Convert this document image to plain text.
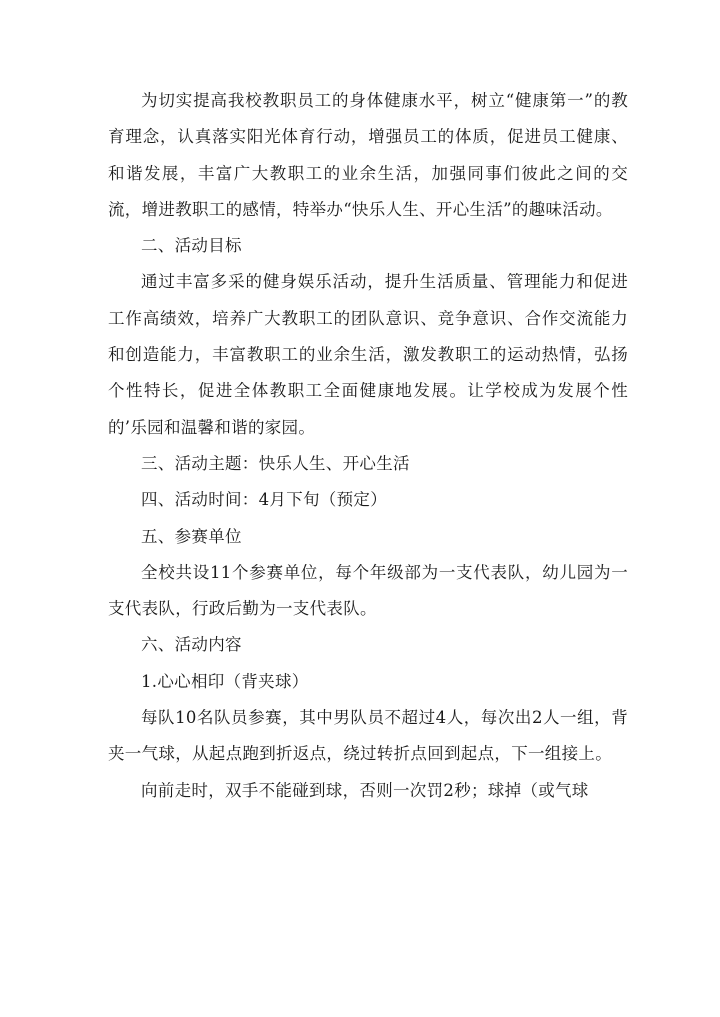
为切实提高我校教职员工的身体健康水平，树立“健康第一”的教育理念，认真落实阳光体育行动，增强员工的体质，促进员工健康、和谐发展，丰富广大教职工的业余生活，加强同事们彼此之间的交流，增进教职工的感情，特举办“快乐人生、开心生活”的趣味活动。

二、活动目标

通过丰富多采的健身娱乐活动，提升生活质量、管理能力和促进工作高绩效，培养广大教职工的团队意识、竞争意识、合作交流能力和创造能力，丰富教职工的业余生活，激发教职工的运动热情，弘扬个性特长，促进全体教职工全面健康地发展。让学校成为发展个性的’乐园和温馨和谐的家园。

三、活动主题：快乐人生、开心生活

四、活动时间：4月下旬（预定）

五、参赛单位

全校共设11个参赛单位，每个年级部为一支代表队，幼儿园为一支代表队，行政后勤为一支代表队。

六、活动内容

1.心心相印（背夹球）

每队10名队员参赛，其中男队员不超过4人，每次出2人一组，背夹一气球，从起点跑到折返点，绕过转折点回到起点，下一组接上。

向前走时，双手不能碰到球，否则一次罚2秒；球掉（或气球
